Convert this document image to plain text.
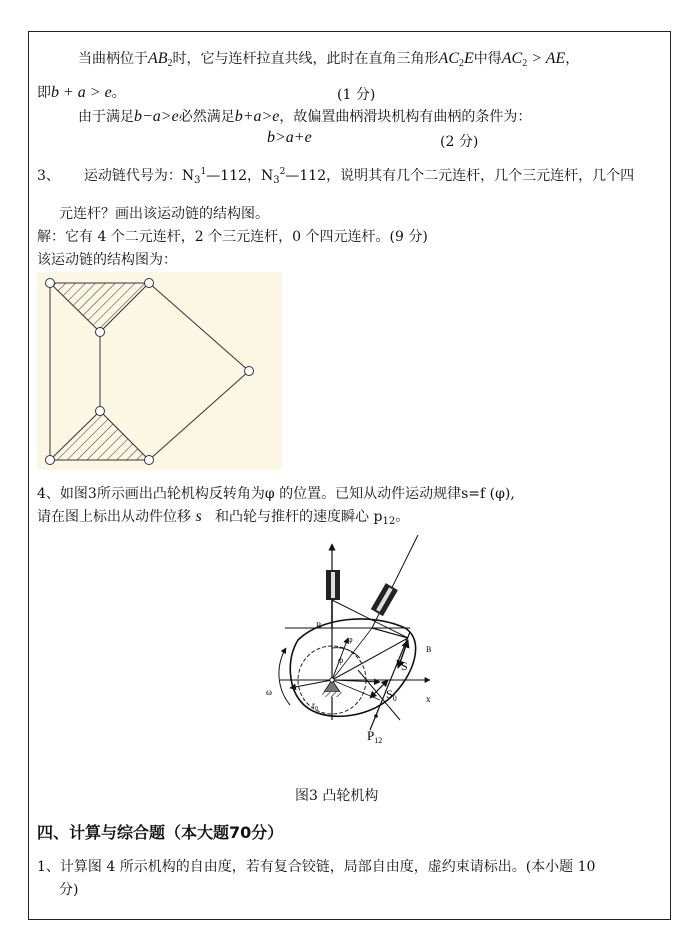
当曲柄位于$AB_2$时，它与连杆拉直共线，此时在直角三角形$AC_2E$中得$AC_2$ > AE，
即b + a > e。	(1 分)
由于满足b−a>e必然满足b+a>e，故偏置曲柄滑块机构有曲柄的条件为：
b>a+e	(2 分)
3、 运动链代号为：$N_3^1—112$，$N_3^2—112$，说明其有几个二元连杆，几个三元连杆，几个四
元连杆？画出该运动链的结构图。
解：它有 4 个二元连杆，2 个三元连杆，0 个四元连杆。(9 分)
该运动链的结构图为：
4、如图3所示画出凸轮机构反转角为φ 的位置。已知从动件运动规律s=f (φ),
请在图上标出从动件位移 s 和凸轮与推杆的速度瞬心 $p_{12}$。
x
B
φ
φ
S
B
$S_0$
ω
$r_0$
$P_{12}$
图3 凸轮机构
四、计算与综合题（本大题70分）
1、计算图 4 所示机构的自由度，若有复合铰链，局部自由度，虚约束请标出。(本小题 10
分)
